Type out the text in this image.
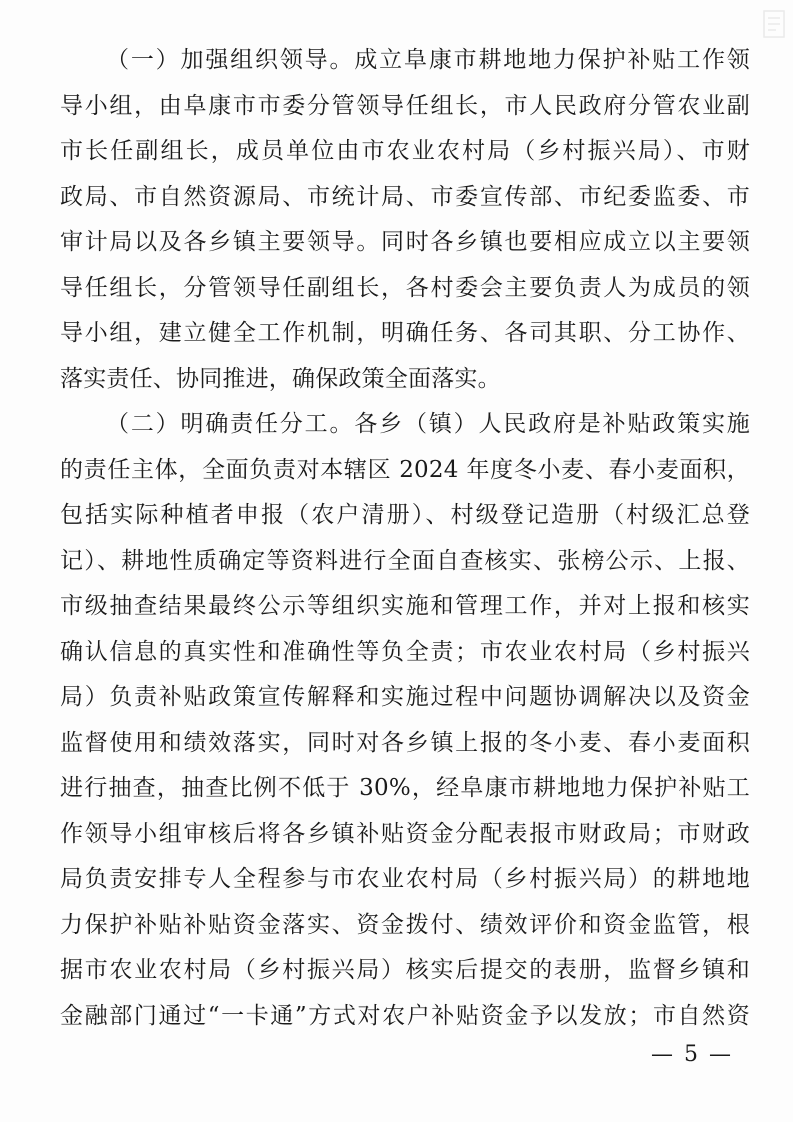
（一）加强组织领导。成立阜康市耕地地力保护补贴工作领
导小组，由阜康市市委分管领导任组长，市人民政府分管农业副
市长任副组长，成员单位由市农业农村局（乡村振兴局）、市财
政局、市自然资源局、市统计局、市委宣传部、市纪委监委、市
审计局以及各乡镇主要领导。同时各乡镇也要相应成立以主要领
导任组长，分管领导任副组长，各村委会主要负责人为成员的领
导小组，建立健全工作机制，明确任务、各司其职、分工协作、
落实责任、协同推进，确保政策全面落实。
（二）明确责任分工。各乡（镇）人民政府是补贴政策实施
的责任主体，全面负责对本辖区 2024 年度冬小麦、春小麦面积，
包括实际种植者申报（农户清册）、村级登记造册（村级汇总登
记）、耕地性质确定等资料进行全面自查核实、张榜公示、上报、
市级抽查结果最终公示等组织实施和管理工作，并对上报和核实
确认信息的真实性和准确性等负全责；市农业农村局（乡村振兴
局）负责补贴政策宣传解释和实施过程中问题协调解决以及资金
监督使用和绩效落实，同时对各乡镇上报的冬小麦、春小麦面积
进行抽查，抽查比例不低于 30%，经阜康市耕地地力保护补贴工
作领导小组审核后将各乡镇补贴资金分配表报市财政局；市财政
局负责安排专人全程参与市农业农村局（乡村振兴局）的耕地地
力保护补贴补贴资金落实、资金拨付、绩效评价和资金监管，根
据市农业农村局（乡村振兴局）核实后提交的表册，监督乡镇和
金融部门通过“一卡通”方式对农户补贴资金予以发放；市自然资
— 5 —
